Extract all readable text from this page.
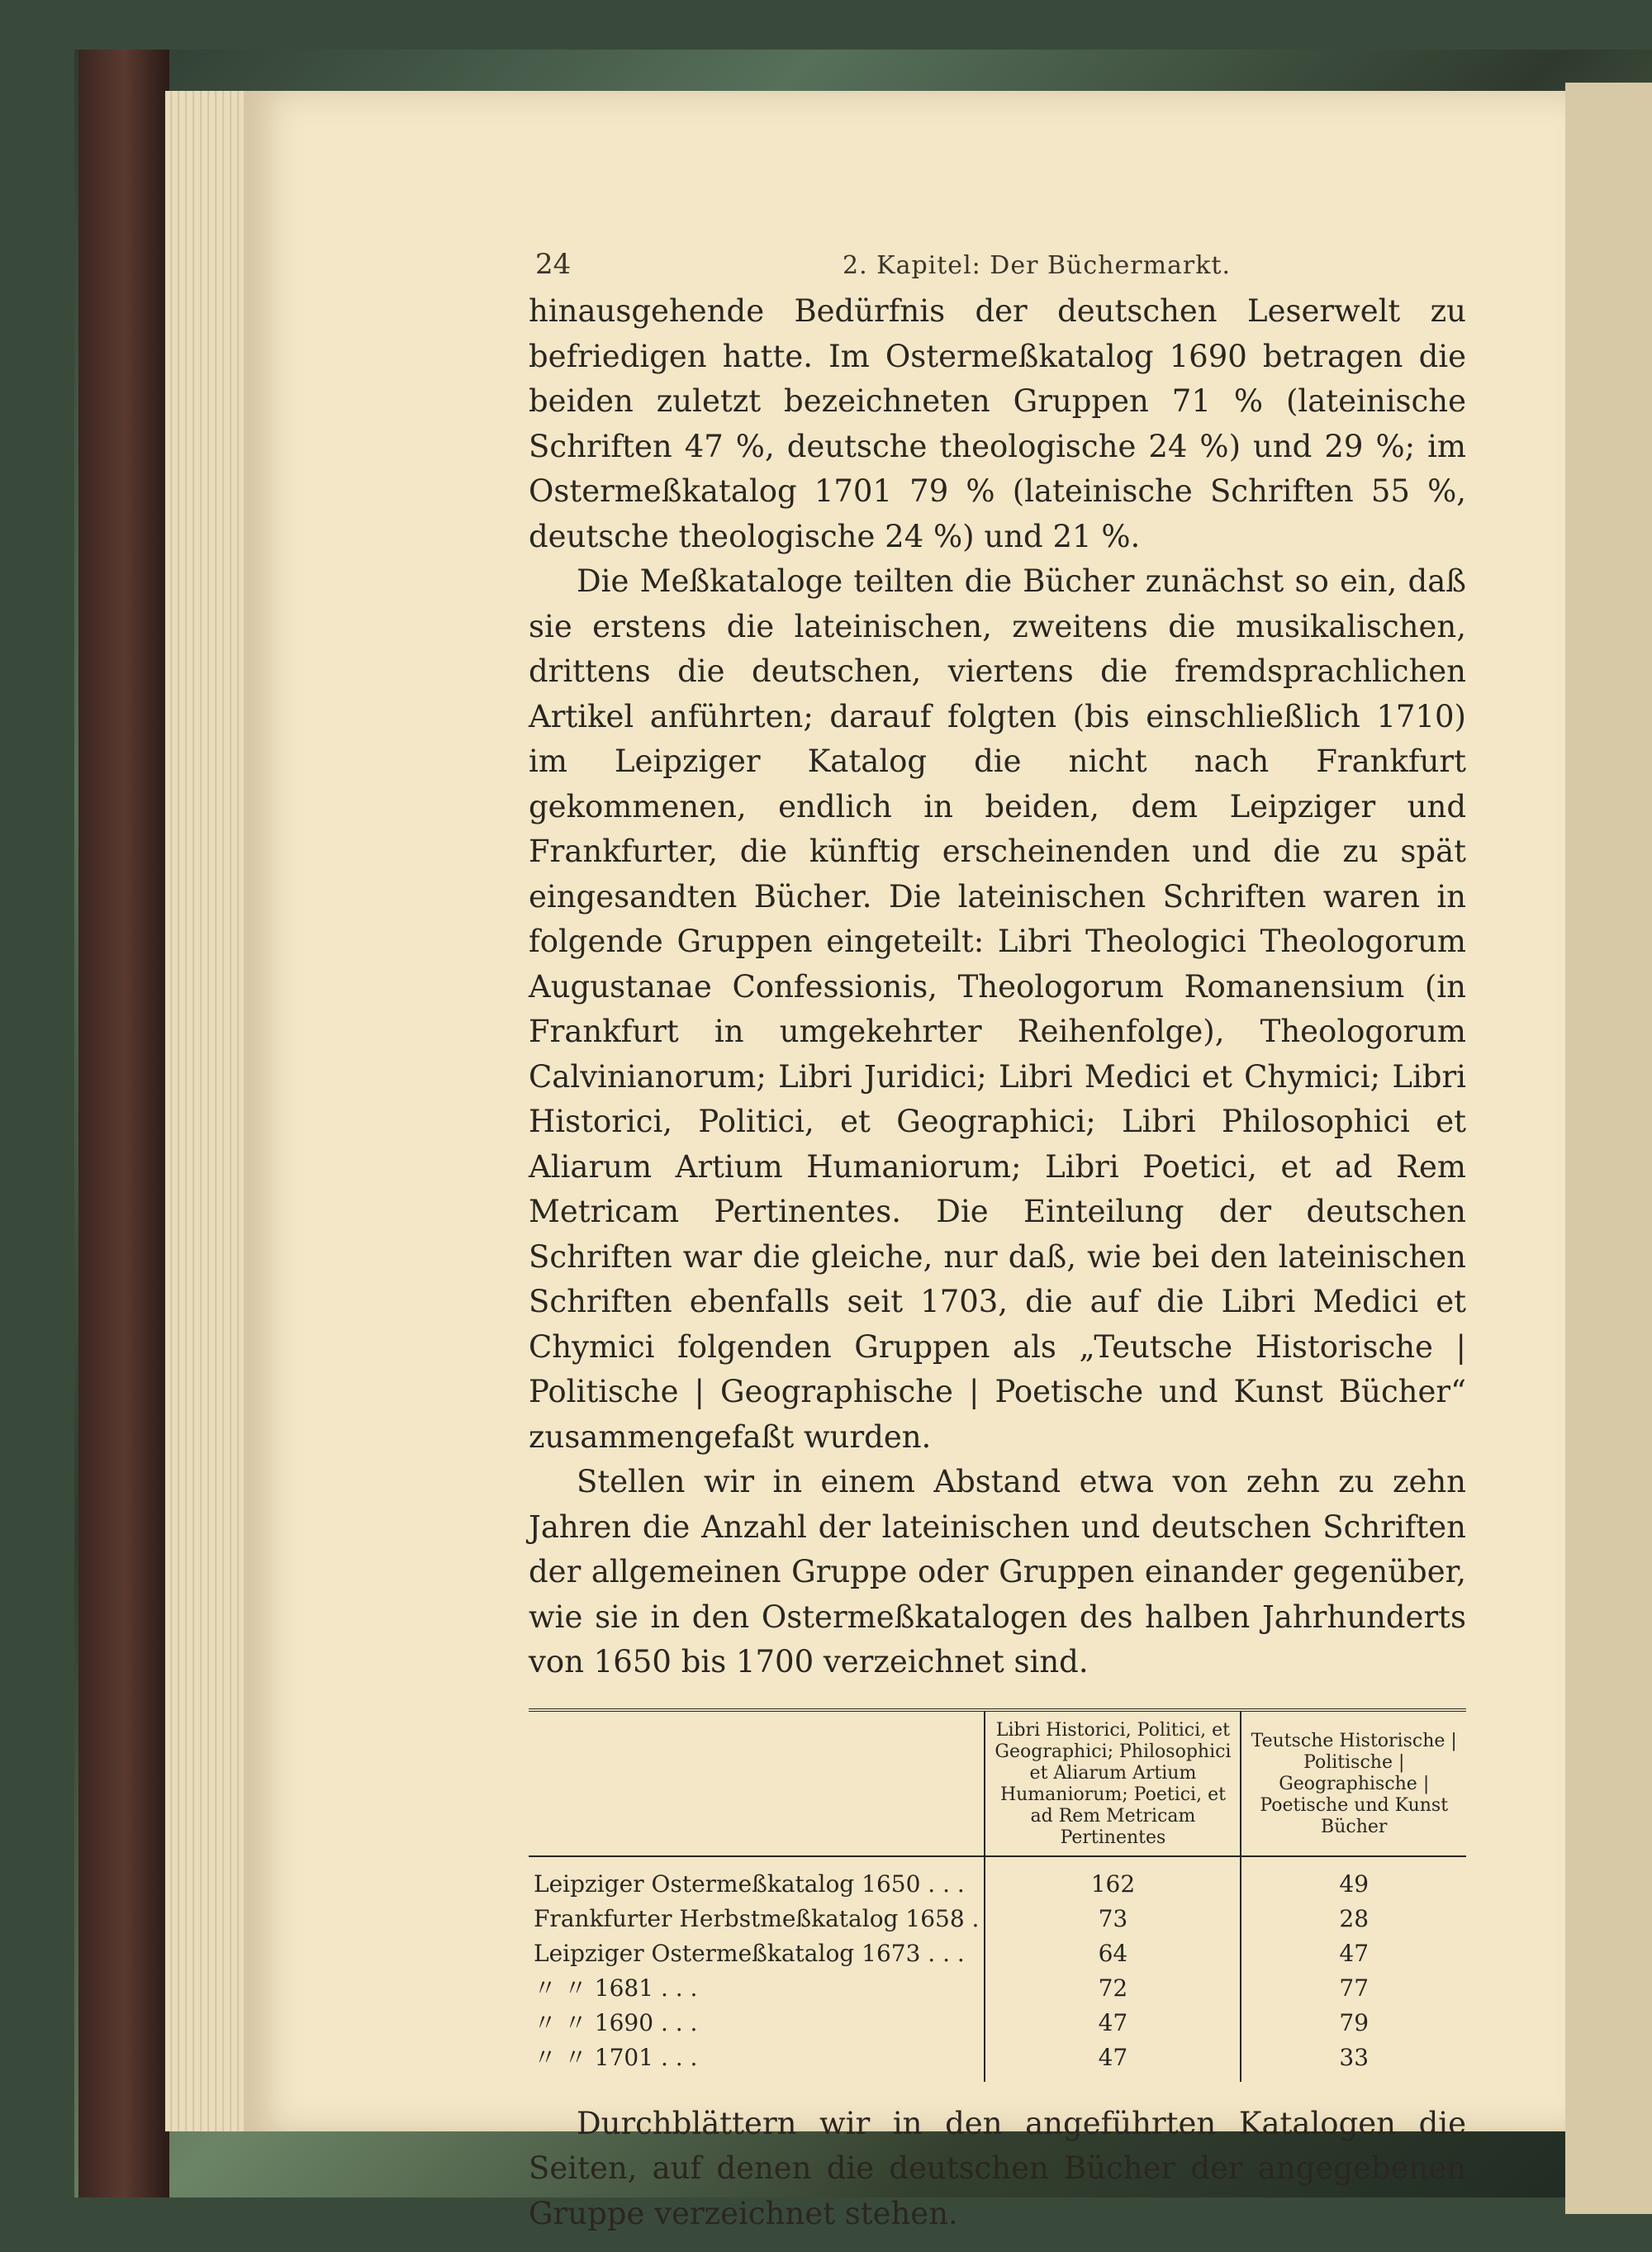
24	2. Kapitel: Der Büchermarkt.

hinausgehende Bedürfnis der deutschen Leserwelt zu befriedigen hatte. Im Ostermeßkatalog 1690 betragen die beiden zuletzt bezeichneten Gruppen 71 % (lateinische Schriften 47 %, deutsche theologische 24 %) und 29 %; im Ostermeßkatalog 1701 79 % (lateinische Schriften 55 %, deutsche theologische 24 %) und 21 %.

Die Meßkataloge teilten die Bücher zunächst so ein, daß sie erstens die lateinischen, zweitens die musikalischen, drittens die deutschen, viertens die fremdsprachlichen Artikel anführten; darauf folgten (bis einschließlich 1710) im Leipziger Katalog die nicht nach Frankfurt gekommenen, endlich in beiden, dem Leipziger und Frankfurter, die künftig erscheinenden und die zu spät eingesandten Bücher. Die lateinischen Schriften waren in folgende Gruppen eingeteilt: Libri Theologici Theologorum Augustanae Confessionis, Theologorum Romanensium (in Frankfurt in umgekehrter Reihenfolge), Theologorum Calvinianorum; Libri Juridici; Libri Medici et Chymici; Libri Historici, Politici, et Geographici; Libri Philosophici et Aliarum Artium Humaniorum; Libri Poetici, et ad Rem Metricam Pertinentes. Die Einteilung der deutschen Schriften war die gleiche, nur daß, wie bei den lateinischen Schriften ebenfalls seit 1703, die auf die Libri Medici et Chymici folgenden Gruppen als „Teutsche Historische | Politische | Geographische | Poetische und Kunst Bücher“ zusammengefaßt wurden.

Stellen wir in einem Abstand etwa von zehn zu zehn Jahren die Anzahl der lateinischen und deutschen Schriften der allgemeinen Gruppe oder Gruppen einander gegenüber, wie sie in den Ostermeßkatalogen des halben Jahrhunderts von 1650 bis 1700 verzeichnet sind.

	Libri Historici, Politici, et Geographici; Philosophici et Aliarum Artium Humaniorum; Poetici, et ad Rem Metricam Pertinentes	Teutsche Historische | Politische | Geographische | Poetische und Kunst Bücher
Leipziger Ostermeßkatalog 1650 . . .	162	49
Frankfurter Herbstmeßkatalog 1658 .	73	28
Leipziger Ostermeßkatalog 1673 . . .	64	47
〃 〃 1681 . . .	72	77
〃 〃 1690 . . .	47	79
〃 〃 1701 . . .	47	33

Durchblättern wir in den angeführten Katalogen die Seiten, auf denen die deutschen Bücher der angegebenen Gruppe verzeichnet stehen.
